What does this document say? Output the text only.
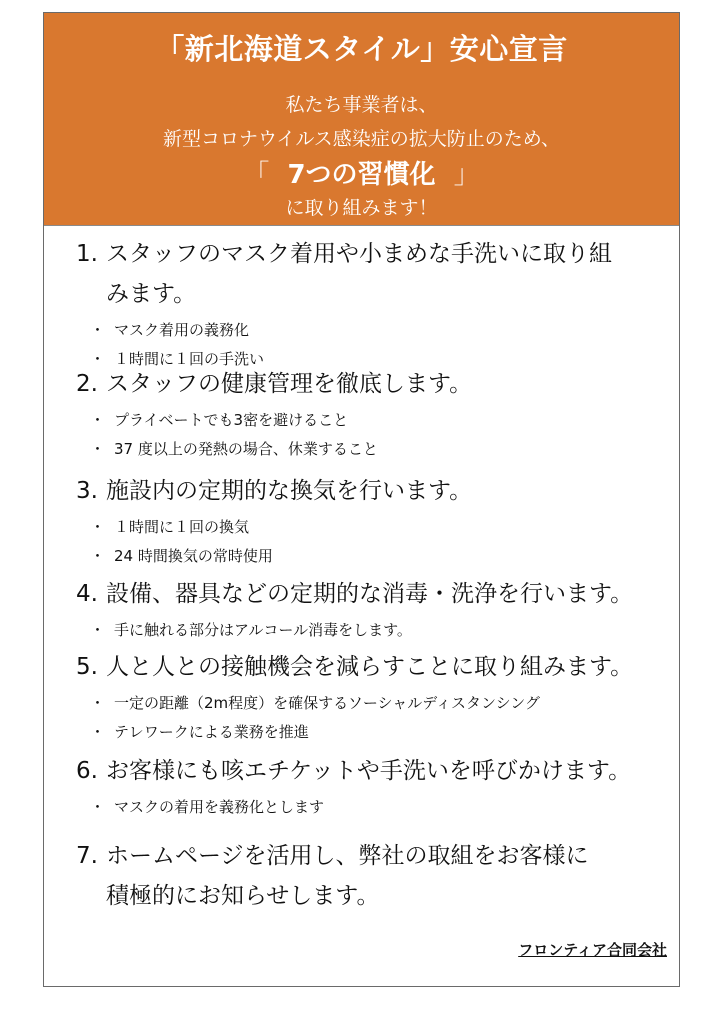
「新北海道スタイル」安心宣言
私たち事業者は、
新型コロナウイルス感染症の拡大防止のため、
「 7つの習慣化 」
に取り組みます！
1. スタッフのマスク着用や小まめな手洗いに取り組
みます。
・ マスク着用の義務化
・ １時間に１回の手洗い
2. スタッフの健康管理を徹底します。
・ プライベートでも3密を避けること
・ 37 度以上の発熱の場合、休業すること
3. 施設内の定期的な換気を行います。
・ １時間に１回の換気
・ 24 時間換気の常時使用
4. 設備、器具などの定期的な消毒・洗浄を行います。
・ 手に触れる部分はアルコール消毒をします。
5. 人と人との接触機会を減らすことに取り組みます。
・ 一定の距離（2m程度）を確保するソーシャルディスタンシング
・ テレワークによる業務を推進
6. お客様にも咳エチケットや手洗いを呼びかけます。
・ マスクの着用を義務化とします
7. ホームページを活用し、弊社の取組をお客様に
積極的にお知らせします。
フロンティア合同会社
